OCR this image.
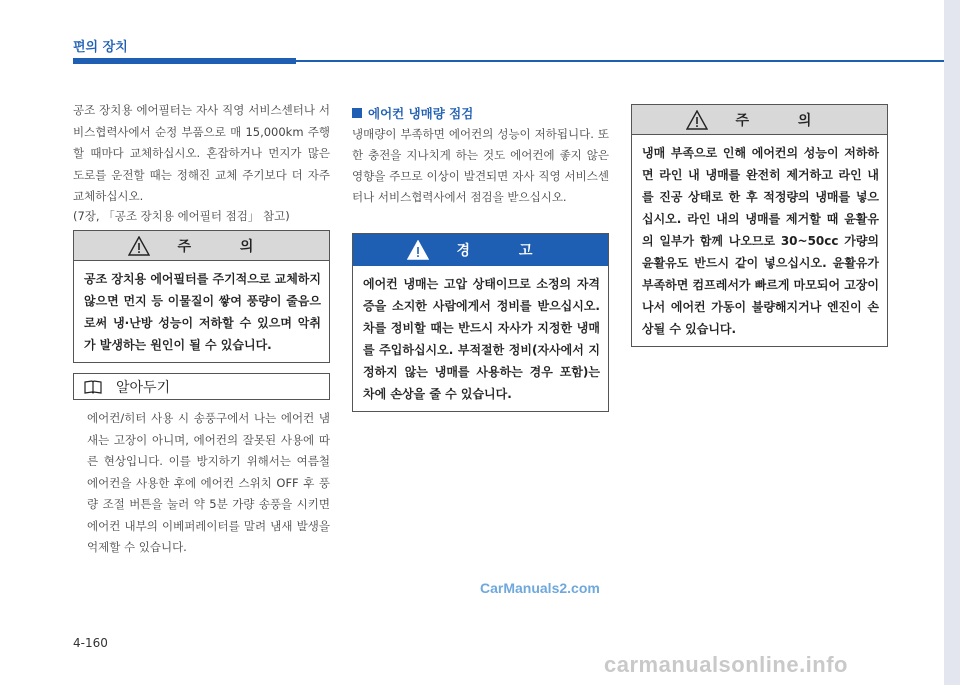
편의 장치
공조 장치용 에어필터는 자사 직영 서비스센터나 서비스협력사에서 순정 부품으로 매 15,000km 주행할 때마다 교체하십시오. 혼잡하거나 먼지가 많은 도로를 운전할 때는 정해진 교체 주기보다 더 자주 교체하십시오.
(7장, 「공조 장치용 에어필터 점검」 참고)
주 의
공조 장치용 에어필터를 주기적으로 교체하지 않으면 먼지 등 이물질이 쌓여 풍량이 줄음으로써 냉·난방 성능이 저하할 수 있으며 악취가 발생하는 원인이 될 수 있습니다.
알아두기
에어컨/히터 사용 시 송풍구에서 나는 에어컨 냄새는 고장이 아니며, 에어컨의 잘못된 사용에 따른 현상입니다. 이를 방지하기 위해서는 여름철 에어컨을 사용한 후에 에어컨 스위치 OFF 후 풍량 조절 버튼을 눌러 약 5분 가량 송풍을 시키면 에어컨 내부의 이베퍼레이터를 말려 냄새 발생을 억제할 수 있습니다.
에어컨 냉매량 점검
냉매량이 부족하면 에어컨의 성능이 저하됩니다. 또한 충전을 지나치게 하는 것도 에어컨에 좋지 않은 영향을 주므로 이상이 발견되면 자사 직영 서비스센터나 서비스협력사에서 점검을 받으십시오.
경 고
에어컨 냉매는 고압 상태이므로 소정의 자격증을 소지한 사람에게서 정비를 받으십시오. 차를 정비할 때는 반드시 자사가 지정한 냉매를 주입하십시오. 부적절한 정비(자사에서 지정하지 않는 냉매를 사용하는 경우 포함)는 차에 손상을 줄 수 있습니다.
주 의
냉매 부족으로 인해 에어컨의 성능이 저하하면 라인 내 냉매를 완전히 제거하고 라인 내를 진공 상태로 한 후 적정량의 냉매를 넣으십시오. 라인 내의 냉매를 제거할 때 윤활유의 일부가 함께 나오므로 30~50cc 가량의 윤활유도 반드시 같이 넣으십시오. 윤활유가 부족하면 컴프레서가 빠르게 마모되어 고장이 나서 에어컨 가동이 불량해지거나 엔진이 손상될 수 있습니다.
CarManuals2.com
4-160
carmanualsonline.info
